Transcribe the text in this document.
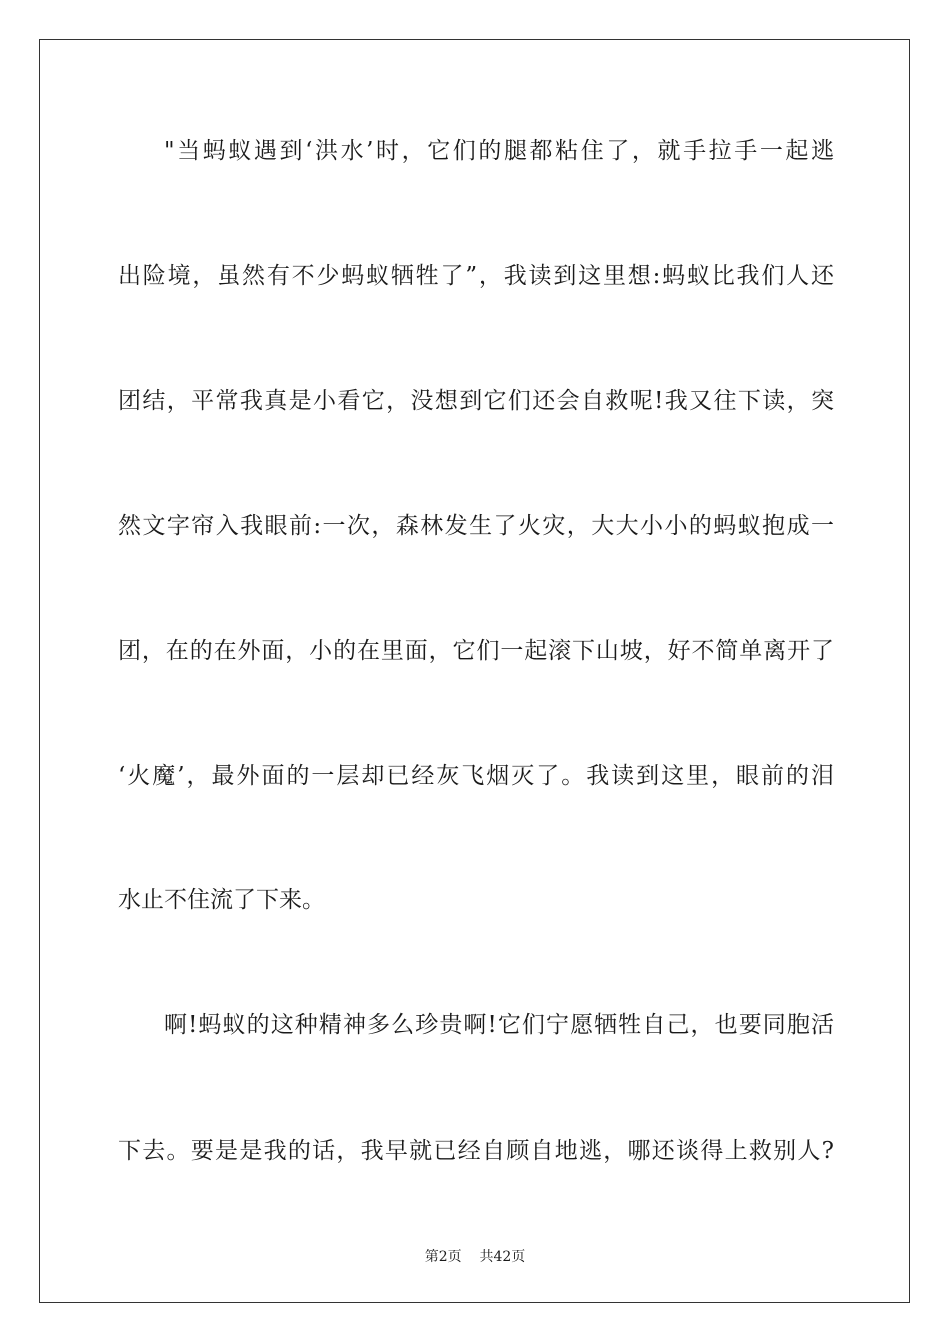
"当蚂蚁遇到‘洪水’时，它们的腿都粘住了，就手拉手一起逃
出险境，虽然有不少蚂蚁牺牲了”，我读到这里想:蚂蚁比我们人还
团结，平常我真是小看它，没想到它们还会自救呢!我又往下读，突
然文字帘入我眼前:一次，森林发生了火灾，大大小小的蚂蚁抱成一
团，在的在外面，小的在里面，它们一起滚下山坡，好不简单离开了
‘火魔’，最外面的一层却已经灰飞烟灭了。我读到这里，眼前的泪
水止不住流了下来。
啊!蚂蚁的这种精神多么珍贵啊!它们宁愿牺牲自己，也要同胞活
下去。要是是我的话，我早就已经自顾自地逃，哪还谈得上救别人?
第2页 共42页
